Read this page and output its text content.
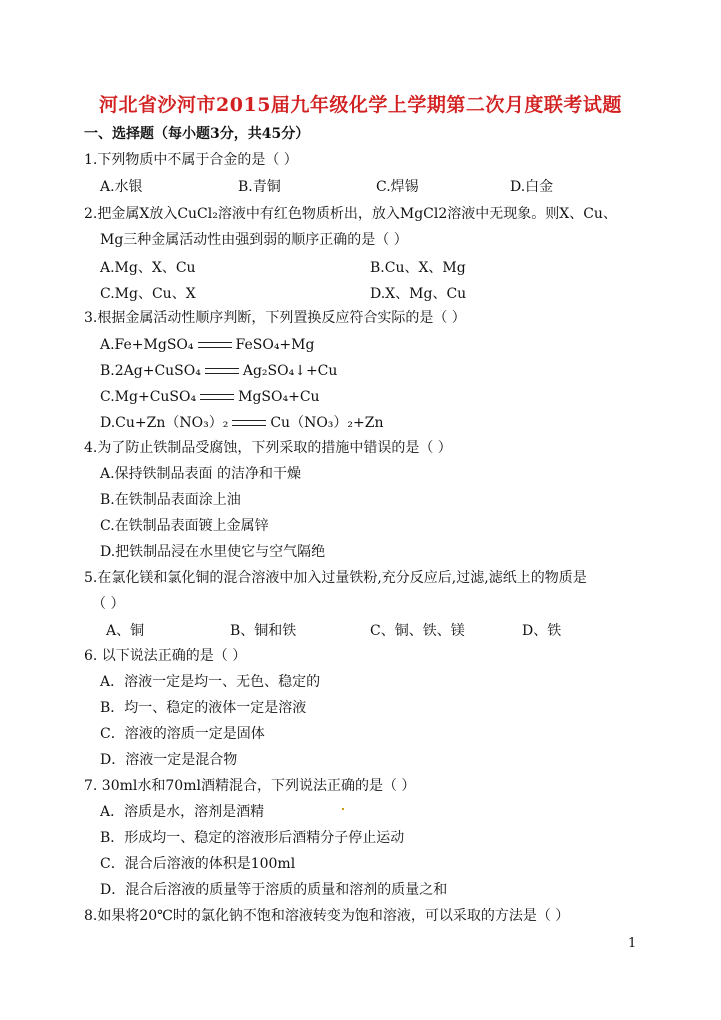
河北省沙河市2015届九年级化学上学期第二次月度联考试题
一、选择题（每小题3分，共45分）
1.下列物质中不属于合金的是（ ）
A.水银	B.青铜	C.焊锡	D.白金
2.把金属X放入CuCl₂溶液中有红色物质析出，放入MgCl2溶液中无现象。则X、Cu、
Mg三种金属活动性由强到弱的顺序正确的是（ ）
A.Mg、X、Cu	B.Cu、X、Mg
C.Mg、Cu、X	D.X、Mg、Cu
3.根据金属活动性顺序判断，下列置换反应符合实际的是（ ）
A.Fe+MgSO₄	FeSO₄+Mg
B.2Ag+CuSO₄	Ag₂SO₄↓+Cu
C.Mg+CuSO₄	MgSO₄+Cu
D.Cu+Zn（NO₃）₂	Cu（NO₃）₂+Zn
4.为了防止铁制品受腐蚀，下列采取的措施中错误的是（ ）
A.保持铁制品表面 的洁净和干燥
B.在铁制品表面涂上油
C.在铁制品表面镀上金属锌
D.把铁制品浸在水里使它与空气隔绝
5.在氯化镁和氯化铜的混合溶液中加入过量铁粉,充分反应后,过滤,滤纸上的物质是
（ ）
A、铜	B、铜和铁	C、铜、铁、镁	D、铁
6. 以下说法正确的是（ ）
A．溶液一定是均一、无色、稳定的
B．均一、稳定的液体一定是溶液
C．溶液的溶质一定是固体
D．溶液一定是混合物
7. 30ml水和70ml酒精混合，下列说法正确的是（ ）
A．溶质是水，溶剂是酒精
B．形成均一、稳定的溶液形后酒精分子停止运动
C．混合后溶液的体积是100ml
D．混合后溶液的质量等于溶质的质量和溶剂的质量之和
8.如果将20℃时的氯化钠不饱和溶液转变为饱和溶液，可以采取的方法是（ ）
1
